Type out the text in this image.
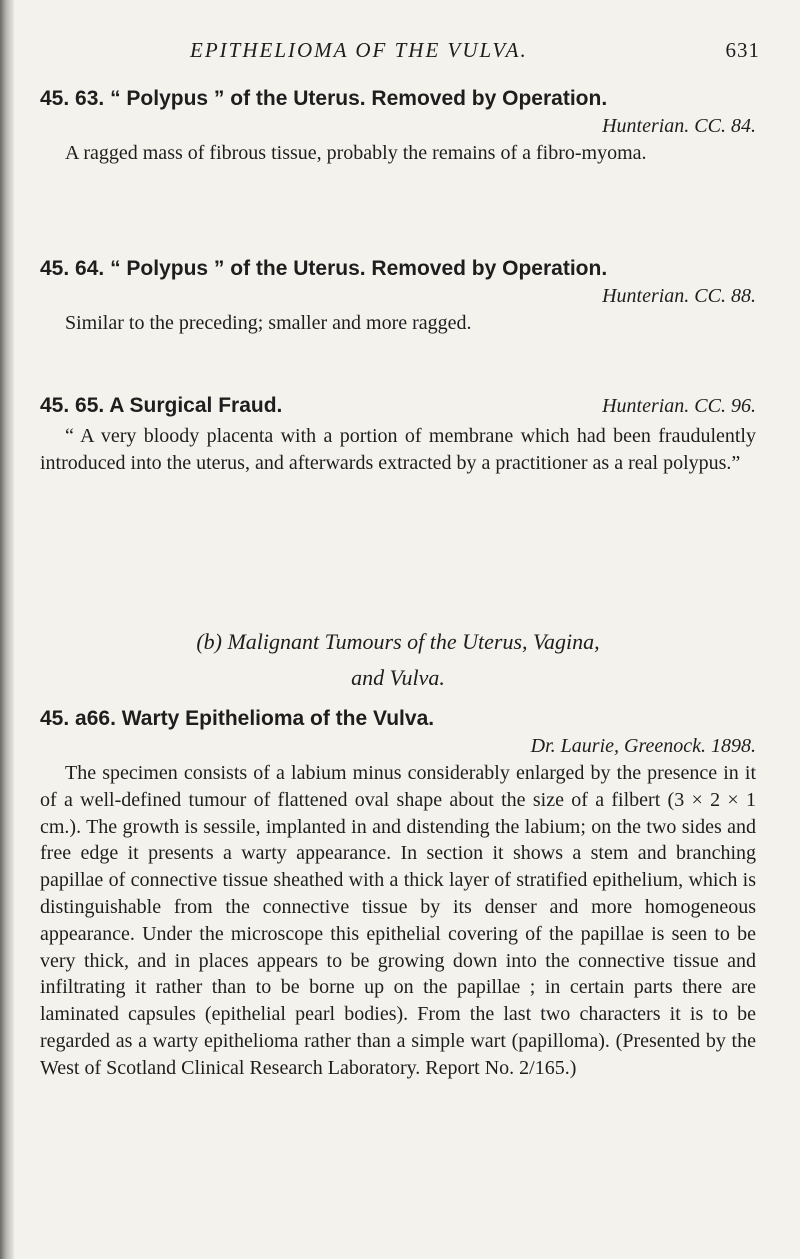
EPITHELIOMA OF THE VULVA.	631
45. 63. “ Polypus ” of the Uterus. Removed by Operation.
Hunterian. CC. 84.
A ragged mass of fibrous tissue, probably the remains of a fibro-myoma.
45. 64. “ Polypus ” of the Uterus. Removed by Operation.
Hunterian. CC. 88.
Similar to the preceding; smaller and more ragged.
45. 65. A Surgical Fraud.	Hunterian. CC. 96.
“ A very bloody placenta with a portion of membrane which had been fraudulently introduced into the uterus, and afterwards extracted by a practitioner as a real polypus.”
(b) Malignant Tumours of the Uterus, Vagina,
and Vulva.
45. a66. Warty Epithelioma of the Vulva.
Dr. Laurie, Greenock. 1898.
The specimen consists of a labium minus considerably enlarged by the presence in it of a well-defined tumour of flattened oval shape about the size of a filbert (3 × 2 × 1 cm.). The growth is sessile, implanted in and distending the labium; on the two sides and free edge it presents a warty appearance. In section it shows a stem and branching papillae of connective tissue sheathed with a thick layer of stratified epithelium, which is distinguishable from the connective tissue by its denser and more homogeneous appearance. Under the microscope this epithelial covering of the papillae is seen to be very thick, and in places appears to be growing down into the connective tissue and infiltrating it rather than to be borne up on the papillae ; in certain parts there are laminated capsules (epithelial pearl bodies). From the last two characters it is to be regarded as a warty epithelioma rather than a simple wart (papilloma). (Presented by the West of Scotland Clinical Research Laboratory. Report No. 2/165.)
